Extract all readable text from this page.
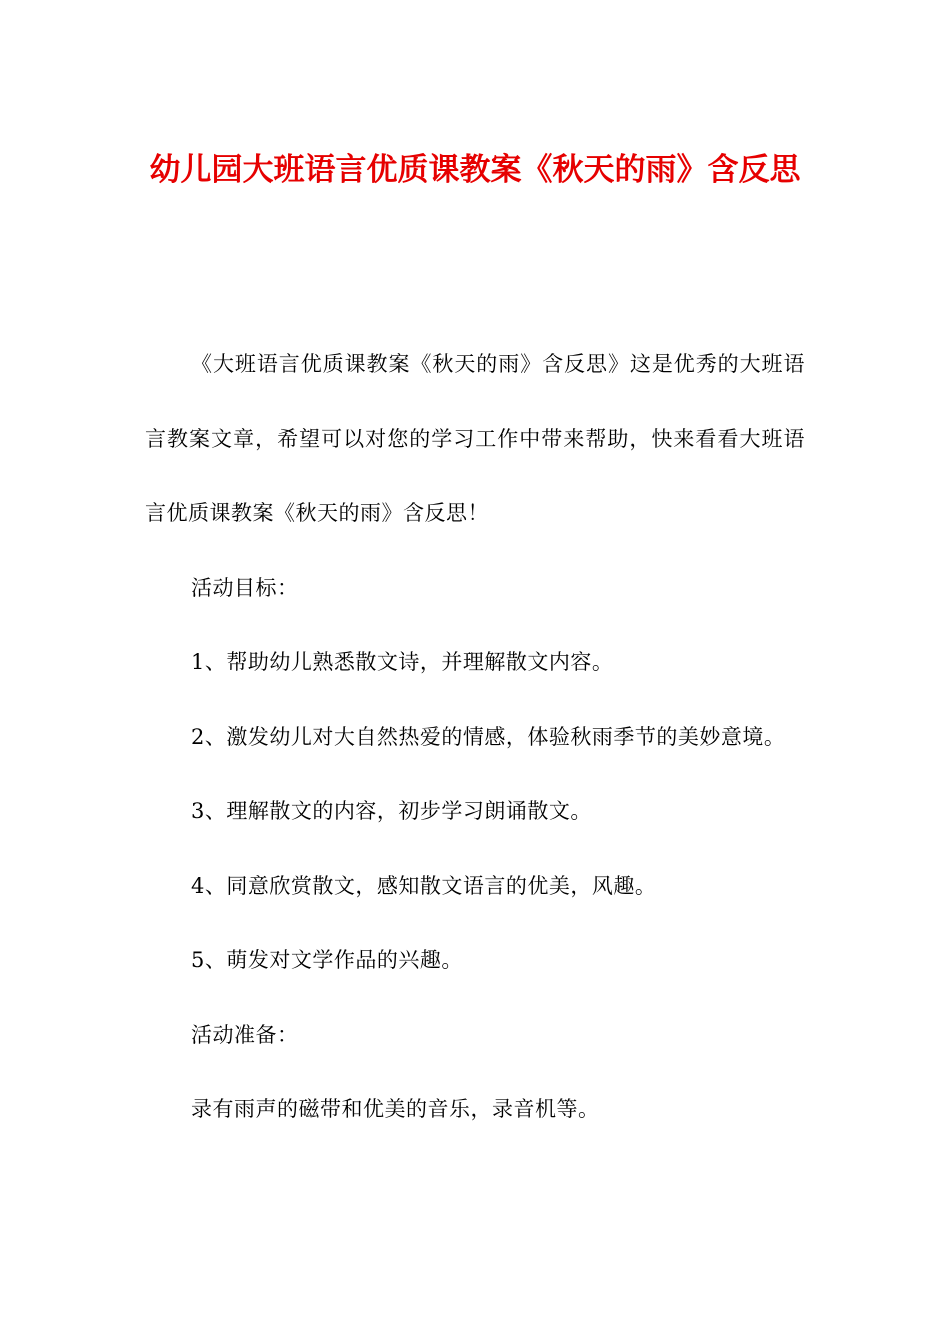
幼儿园大班语言优质课教案《秋天的雨》含反思

《大班语言优质课教案《秋天的雨》含反思》这是优秀的大班语言教案文章，希望可以对您的学习工作中带来帮助，快来看看大班语言优质课教案《秋天的雨》含反思！

活动目标：

1、帮助幼儿熟悉散文诗，并理解散文内容。

2、激发幼儿对大自然热爱的情感，体验秋雨季节的美妙意境。

3、理解散文的内容，初步学习朗诵散文。

4、同意欣赏散文，感知散文语言的优美，风趣。

5、萌发对文学作品的兴趣。

活动准备：

录有雨声的磁带和优美的音乐，录音机等。
